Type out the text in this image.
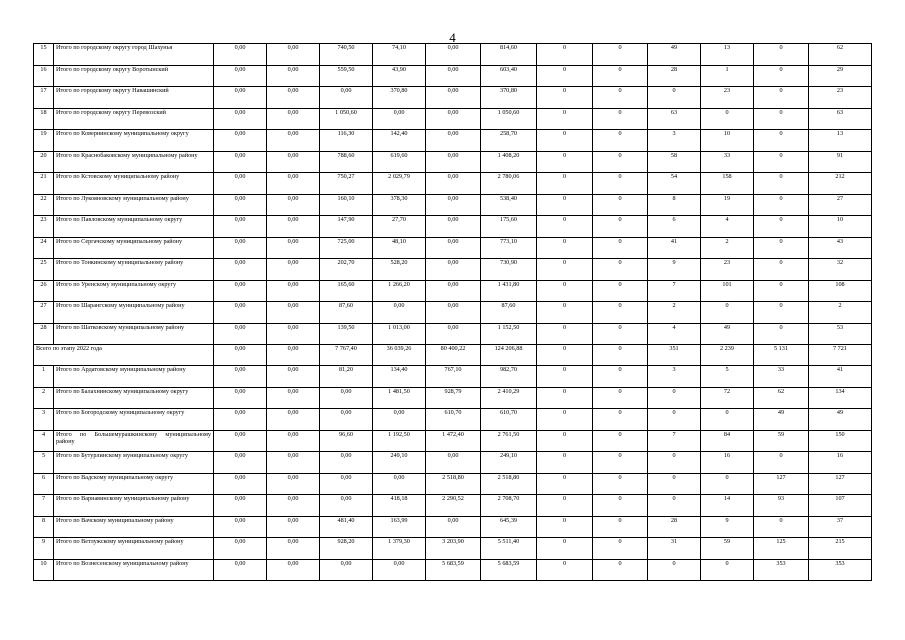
4
15	Итого по городскому округу город Шахунья	0,00	0,00	740,50	74,10	0,00	814,60	0	0	49	13	0	62
16	Итого по городскому округу Воротынский	0,00	0,00	559,50	43,90	0,00	603,40	0	0	28	1	0	29
17	Итого по городскому округу Навашинский	0,00	0,00	0,00	370,80	0,00	370,80	0	0	0	23	0	23
18	Итого по городскому округу Перевозский	0,00	0,00	1 050,60	0,00	0,00	1 050,60	0	0	63	0	0	63
19	Итого по Ковернинскому муниципальному округу	0,00	0,00	116,30	142,40	0,00	258,70	0	0	3	10	0	13
20	Итого по Краснобаковскому муниципальному району	0,00	0,00	788,60	619,60	0,00	1 408,20	0	0	58	33	0	91
21	Итого по Кстовскому муниципальному району	0,00	0,00	750,27	2 029,79	0,00	2 780,06	0	0	54	158	0	212
22	Итого по Лукояновскому муниципальному району	0,00	0,00	160,10	378,30	0,00	538,40	0	0	8	19	0	27
23	Итого по Павловскому муниципальному округу	0,00	0,00	147,90	27,70	0,00	175,60	0	0	6	4	0	10
24	Итого по Сергачскому муниципальному району	0,00	0,00	725,00	48,10	0,00	773,10	0	0	41	2	0	43
25	Итого по Тонкинскому муниципальному району	0,00	0,00	202,70	528,20	0,00	730,90	0	0	9	23	0	32
26	Итого по Уренскому муниципальному округу	0,00	0,00	165,60	1 266,20	0,00	1 431,80	0	0	7	101	0	108
27	Итого по Шарангскому муниципальному району	0,00	0,00	87,60	0,00	0,00	87,60	0	0	2	0	0	2
28	Итого по Шатковскому муниципальному району	0,00	0,00	139,50	1 013,00	0,00	1 152,50	0	0	4	49	0	53
Всего по этапу 2022 года		0,00	0,00	7 767,40	36 039,26	80 400,22	124 206,88	0	0	351	2 239	5 131	7 721
1	Итого по Ардатовскому муниципальному району	0,00	0,00	81,20	134,40	767,10	982,70	0	0	3	5	33	41
2	Итого по Балахнинскому муниципальному округу	0,00	0,00	0,00	1 481,50	928,79	2 410,29	0	0	0	72	62	134
3	Итого по Богородскому муниципальному округу	0,00	0,00	0,00	0,00	610,70	610,70	0	0	0	0	49	49
4	Итого по Большемурашкинскому муниципальному району	0,00	0,00	96,60	1 192,50	1 472,40	2 761,50	0	0	7	84	59	150
5	Итого по Бутурлинскому муниципальному округу	0,00	0,00	0,00	249,10	0,00	249,10	0	0	0	16	0	16
6	Итого по Вадскому муниципальному округу	0,00	0,00	0,00	0,00	2 518,80	2 518,80	0	0	0	0	127	127
7	Итого по Варнавинскому муниципальному району	0,00	0,00	0,00	418,18	2 290,52	2 708,70	0	0	0	14	93	107
8	Итого по Вачскому муниципальному району	0,00	0,00	481,40	163,99	0,00	645,39	0	0	28	9	0	37
9	Итого по Ветлужскому муниципальному району	0,00	0,00	928,20	1 379,30	3 203,90	5 511,40	0	0	31	59	125	215
10	Итого по Вознесенскому муниципальному району	0,00	0,00	0,00	0,00	5 683,59	5 683,59	0	0	0	0	353	353
